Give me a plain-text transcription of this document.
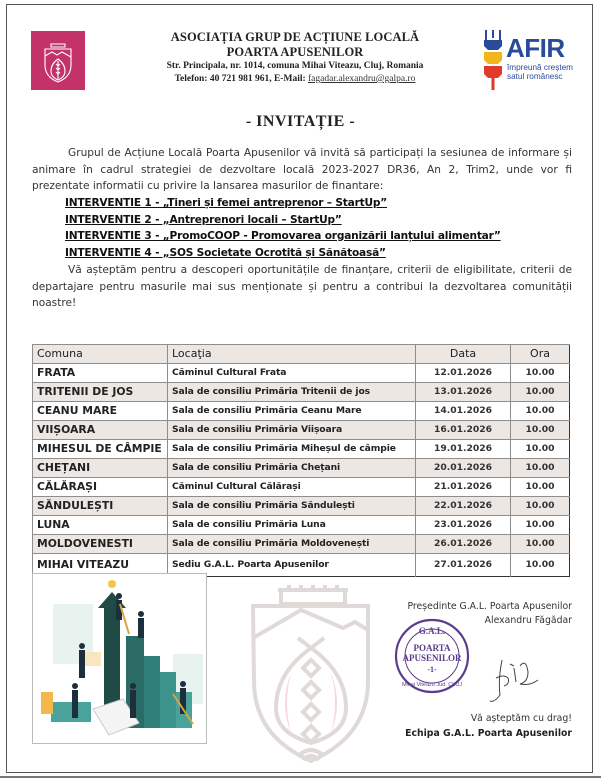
ASOCIAȚIA GRUP DE ACȚIUNE LOCALĂ
POARTA APUSENILOR
Str. Principala, nr. 1014, comuna Mihai Viteazu, Cluj, Romania
Telefon: 40 721 981 961, E-Mail: fagadar.alexandru@galpa.ro
AFIR
împreună creștem
satul românesc
- INVITAȚIE -
Grupul de Acțiune Locală Poarta Apusenilor vă invită să participați la sesiunea de informare și animare în cadrul strategiei de dezvoltare locală 2023-2027 DR36, An 2, Trim2, unde vor fi prezentate informatii cu privire la lansarea masurilor de finantare:
INTERVENTIE 1 - „Tineri și femei antreprenor – StartUp”
INTERVENTIE 2 - „Antreprenori locali – StartUp”
INTERVENTIE 3 - „PromoCOOP - Promovarea organizării lanțului alimentar”
INTERVENTIE 4 - „SOS Societate Ocrotită și Sănătoasă”
Vă așteptăm pentru a descoperi oportunitățile de finanțare, criterii de eligibilitate, criterii de departajare pentru masurile mai sus menționate și pentru a contribui la dezvoltarea comunității noastre!
Comuna	Locaţia	Data	Ora
FRATA	Căminul Cultural Frata	12.01.2026	10.00
TRITENII DE JOS	Sala de consiliu Primăria Tritenii de jos	13.01.2026	10.00
CEANU MARE	Sala de consiliu Primăria Ceanu Mare	14.01.2026	10.00
VIIȘOARA	Sala de consiliu Primăria Viișoara	16.01.2026	10.00
MIHESUL DE CÂMPIE	Sala de consiliu Primăria Miheșul de câmpie	19.01.2026	10.00
CHEȚANI	Sala de consiliu Primăria Chețani	20.01.2026	10.00
CĂLĂRAȘI	Căminul Cultural Călărași	21.01.2026	10.00
SĂNDULEȘTI	Sala de consiliu Primăria Săndulești	22.01.2026	10.00
LUNA	Sala de consiliu Primăria Luna	23.01.2026	10.00
MOLDOVENESTI	Sala de consiliu Primăria Moldovenești	26.01.2026	10.00
MIHAI VITEAZU	Sediu G.A.L. Poarta Apusenilor	27.01.2026	10.00
Președinte G.A.L. Poarta Apusenilor
Alexandru Făgădar
G.A.L.
POARTA
APUSENILOR
-1-
Mihai Viteazu Jud. CLUJ
Vă așteptăm cu drag!
Echipa G.A.L. Poarta Apusenilor
